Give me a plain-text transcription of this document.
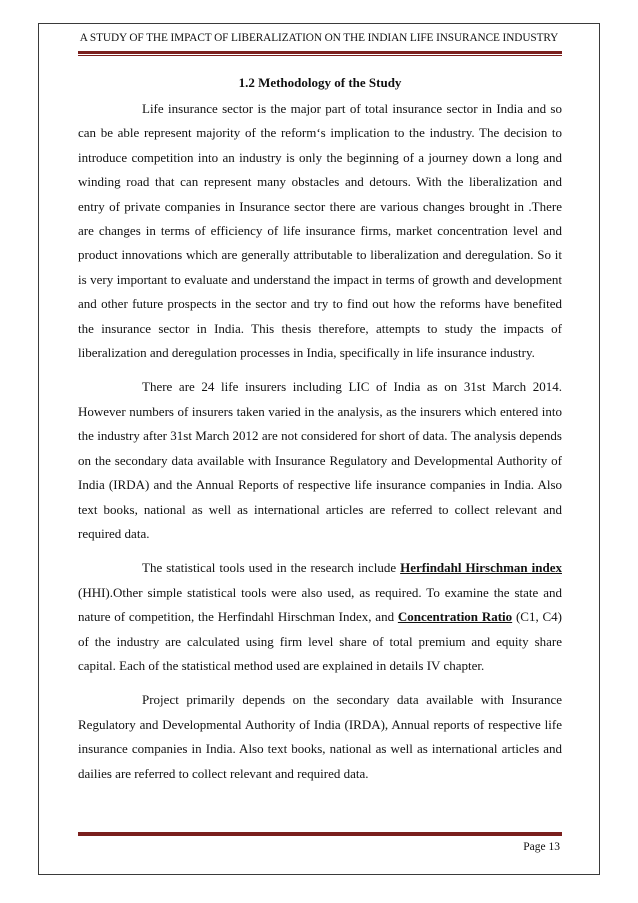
A STUDY OF THE IMPACT OF LIBERALIZATION ON THE INDIAN LIFE INSURANCE INDUSTRY
1.2 Methodology of the Study

Life insurance sector is the major part of total insurance sector in India and so can be able represent majority of the reform‘s implication to the industry. The decision to introduce competition into an industry is only the beginning of a journey down a long and winding road that can represent many obstacles and detours. With the liberalization and entry of private companies in Insurance sector there are various changes brought in .There are changes in terms of efficiency of life insurance firms, market concentration level and product innovations which are generally attributable to liberalization and deregulation. So it is very important to evaluate and understand the impact in terms of growth and development and other future prospects in the sector and try to find out how the reforms have benefited the insurance sector in India. This thesis therefore, attempts to study the impacts of liberalization and deregulation processes in India, specifically in life insurance industry.

There are 24 life insurers including LIC of India as on 31st March 2014. However numbers of insurers taken varied in the analysis, as the insurers which entered into the industry after 31st March 2012 are not considered for short of data. The analysis depends on the secondary data available with Insurance Regulatory and Developmental Authority of India (IRDA) and the Annual Reports of respective life insurance companies in India. Also text books, national as well as international articles are referred to collect relevant and required data.

The statistical tools used in the research include Herfindahl Hirschman index (HHI).Other simple statistical tools were also used, as required. To examine the state and nature of competition, the Herfindahl Hirschman Index, and Concentration Ratio (C1, C4) of the industry are calculated using firm level share of total premium and equity share capital. Each of the statistical method used are explained in details IV chapter.

Project primarily depends on the secondary data available with Insurance Regulatory and Developmental Authority of India (IRDA), Annual reports of respective life insurance companies in India. Also text books, national as well as international articles and dailies are referred to collect relevant and required data.

Page 13
